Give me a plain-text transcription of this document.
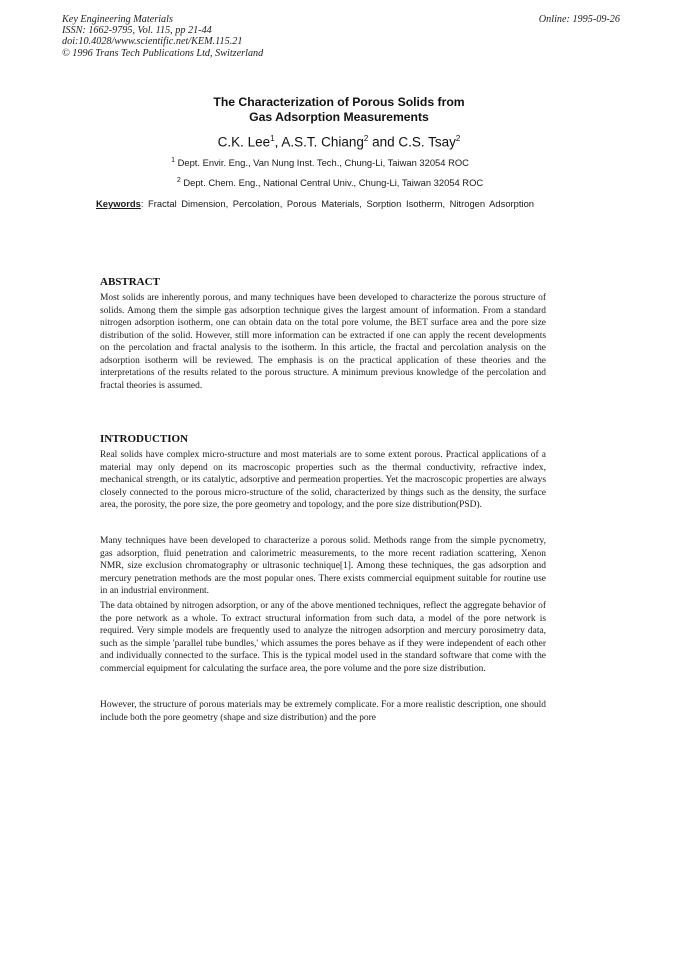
Key Engineering Materials
ISSN: 1662-9795, Vol. 115, pp 21-44
doi:10.4028/www.scientific.net/KEM.115.21
© 1996 Trans Tech Publications Ltd, Switzerland
Online: 1995-09-26
The Characterization of Porous Solids from
Gas Adsorption Measurements
C.K. Lee$^1$, A.S.T. Chiang$^2$ and C.S. Tsay$^2$
$^1$ Dept. Envir. Eng., Van Nung Inst. Tech., Chung-Li, Taiwan 32054 ROC
$^2$ Dept. Chem. Eng., National Central Univ., Chung-Li, Taiwan 32054 ROC
Keywords: Fractal Dimension, Percolation, Porous Materials, Sorption Isotherm, Nitrogen Adsorption
ABSTRACT

Most solids are inherently porous, and many techniques have been developed to characterize the porous structure of solids. Among them the simple gas adsorption technique gives the largest amount of information. From a standard nitrogen adsorption isotherm, one can obtain data on the total pore volume, the BET surface area and the pore size distribution of the solid. However, still more information can be extracted if one can apply the recent developments on the percolation and fractal analysis to the isotherm. In this article, the fractal and percolation analysis on the adsorption isotherm will be reviewed. The emphasis is on the practical application of these theories and the interpretations of the results related to the porous structure. A minimum previous knowledge of the percolation and fractal theories is assumed.

INTRODUCTION

Real solids have complex micro-structure and most materials are to some extent porous. Practical applications of a material may only depend on its macroscopic properties such as the thermal conductivity, refractive index, mechanical strength, or its catalytic, adsorptive and permeation properties. Yet the macroscopic properties are always closely connected to the porous micro-structure of the solid, characterized by things such as the density, the surface area, the porosity, the pore size, the pore geometry and topology, and the pore size distribution(PSD).

Many techniques have been developed to characterize a porous solid. Methods range from the simple pycnometry, gas adsorption, fluid penetration and calorimetric measurements, to the more recent radiation scattering, Xenon NMR, size exclusion chromatography or ultrasonic technique[1]. Among these techniques, the gas adsorption and mercury penetration methods are the most popular ones. There exists commercial equipment suitable for routine use in an industrial environment.

The data obtained by nitrogen adsorption, or any of the above mentioned techniques, reflect the aggregate behavior of the pore network as a whole. To extract structural information from such data, a model of the pore network is required. Very simple models are frequently used to analyze the nitrogen adsorption and mercury porosimetry data, such as the simple 'parallel tube bundles,' which assumes the pores behave as if they were independent of each other and individually connected to the surface. This is the typical model used in the standard software that come with the commercial equipment for calculating the surface area, the pore volume and the pore size distribution.

However, the structure of porous materials may be extremely complicate. For a more realistic description, one should include both the pore geometry (shape and size distribution) and the pore
